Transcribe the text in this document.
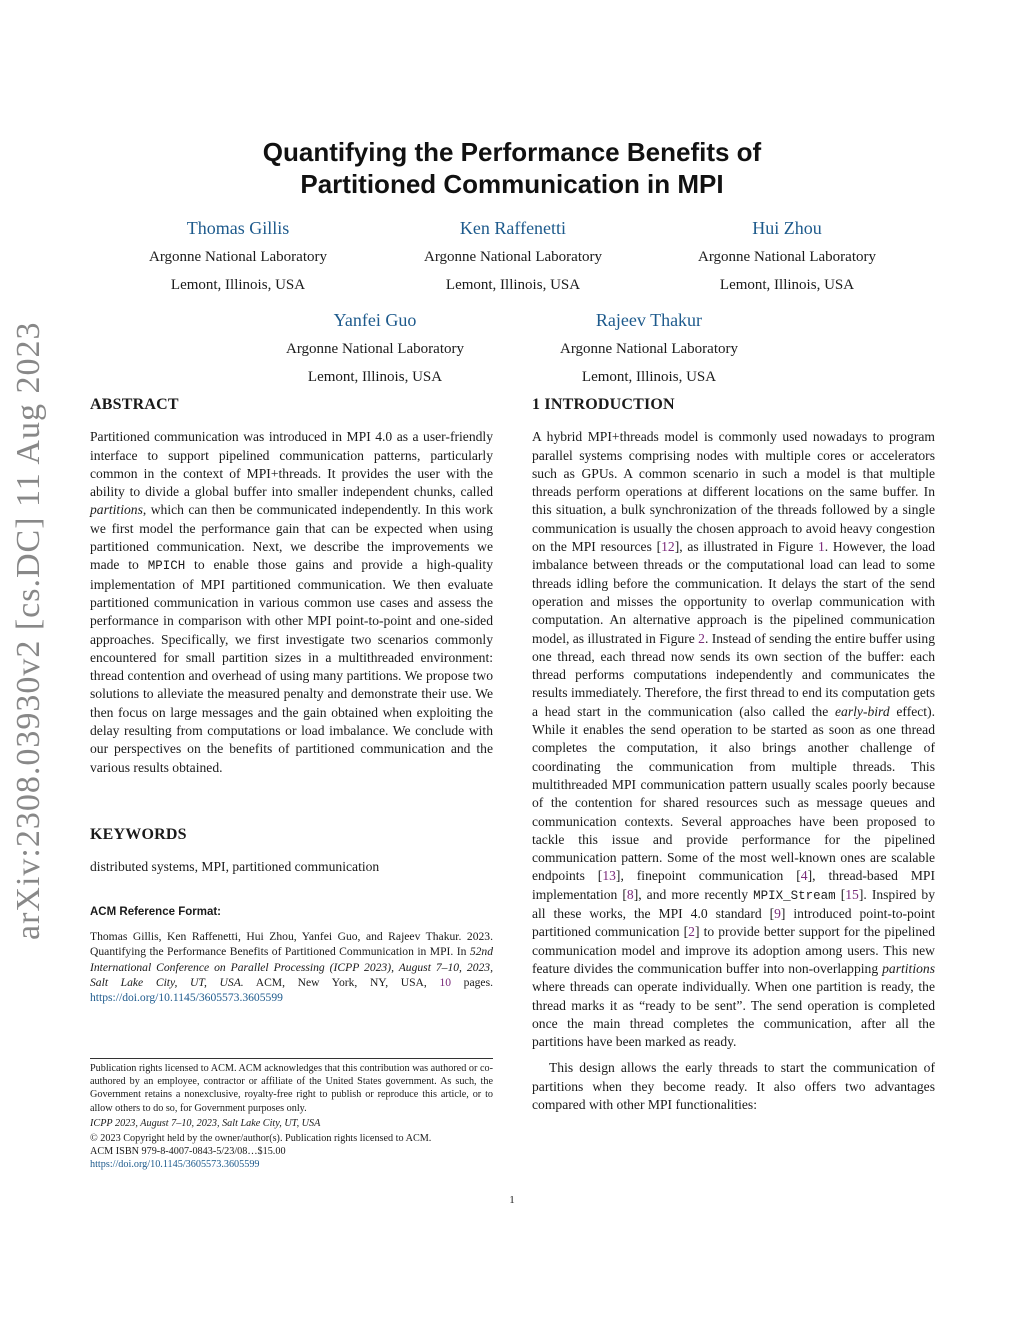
arXiv:2308.03930v2 [cs.DC] 11 Aug 2023
Quantifying the Performance Benefits of
Partitioned Communication in MPI
Thomas Gillis
Argonne National Laboratory
Lemont, Illinois, USA
Ken Raffenetti
Argonne National Laboratory
Lemont, Illinois, USA
Hui Zhou
Argonne National Laboratory
Lemont, Illinois, USA
Yanfei Guo
Argonne National Laboratory
Lemont, Illinois, USA
Rajeev Thakur
Argonne National Laboratory
Lemont, Illinois, USA
ABSTRACT

Partitioned communication was introduced in MPI 4.0 as a user-friendly interface to support pipelined communication patterns, particularly common in the context of MPI+threads. It provides the user with the ability to divide a global buffer into smaller independent chunks, called partitions, which can then be communicated independently. In this work we first model the performance gain that can be expected when using partitioned communication. Next, we describe the improvements we made to MPICH to enable those gains and provide a high-quality implementation of MPI partitioned communication. We then evaluate partitioned communication in various common use cases and assess the performance in comparison with other MPI point-to-point and one-sided approaches. Specifically, we first investigate two scenarios commonly encountered for small partition sizes in a multithreaded environment: thread contention and overhead of using many partitions. We propose two solutions to alleviate the measured penalty and demonstrate their use. We then focus on large messages and the gain obtained when exploiting the delay resulting from computations or load imbalance. We conclude with our perspectives on the benefits of partitioned communication and the various results obtained.

KEYWORDS

distributed systems, MPI, partitioned communication

ACM Reference Format:

Thomas Gillis, Ken Raffenetti, Hui Zhou, Yanfei Guo, and Rajeev Thakur. 2023. Quantifying the Performance Benefits of Partitioned Communication in MPI. In 52nd International Conference on Parallel Processing (ICPP 2023), August 7–10, 2023, Salt Lake City, UT, USA. ACM, New York, NY, USA, 10 pages. https://doi.org/10.1145/3605573.3605599

Publication rights licensed to ACM. ACM acknowledges that this contribution was authored or co-authored by an employee, contractor or affiliate of the United States government. As such, the Government retains a nonexclusive, royalty-free right to publish or reproduce this article, or to allow others to do so, for Government purposes only.

ICPP 2023, August 7–10, 2023, Salt Lake City, UT, USA

© 2023 Copyright held by the owner/author(s). Publication rights licensed to ACM.

ACM ISBN 979-8-4007-0843-5/23/08…$15.00

https://doi.org/10.1145/3605573.3605599

1 INTRODUCTION

A hybrid MPI+threads model is commonly used nowadays to program parallel systems comprising nodes with multiple cores or accelerators such as GPUs. A common scenario in such a model is that multiple threads perform operations at different locations on the same buffer. In this situation, a bulk synchronization of the threads followed by a single communication is usually the chosen approach to avoid heavy congestion on the MPI resources [12], as illustrated in Figure 1. However, the load imbalance between threads or the computational load can lead to some threads idling before the communication. It delays the start of the send operation and misses the opportunity to overlap communication with computation. An alternative approach is the pipelined communication model, as illustrated in Figure 2. Instead of sending the entire buffer using one thread, each thread now sends its own section of the buffer: each thread performs computations independently and communicates the results immediately. Therefore, the first thread to end its computation gets a head start in the communication (also called the early-bird effect). While it enables the send operation to be started as soon as one thread completes the computation, it also brings another challenge of coordinating the communication from multiple threads. This multithreaded MPI communication pattern usually scales poorly because of the contention for shared resources such as message queues and communication contexts. Several approaches have been proposed to tackle this issue and provide performance for the pipelined communication pattern. Some of the most well-known ones are scalable endpoints [13], finepoint communication [4], thread-based MPI implementation [8], and more recently MPIX_Stream [15]. Inspired by all these works, the MPI 4.0 standard [9] introduced point-to-point partitioned communication [2] to provide better support for the pipelined communication model and improve its adoption among users. This new feature divides the communication buffer into non-overlapping partitions where threads can operate individually. When one partition is ready, the thread marks it as “ready to be sent”. The send operation is completed once the main thread completes the communication, after all the partitions have been marked as ready.

This design allows the early threads to start the communication of partitions when they become ready. It also offers two advantages compared with other MPI functionalities:

1
